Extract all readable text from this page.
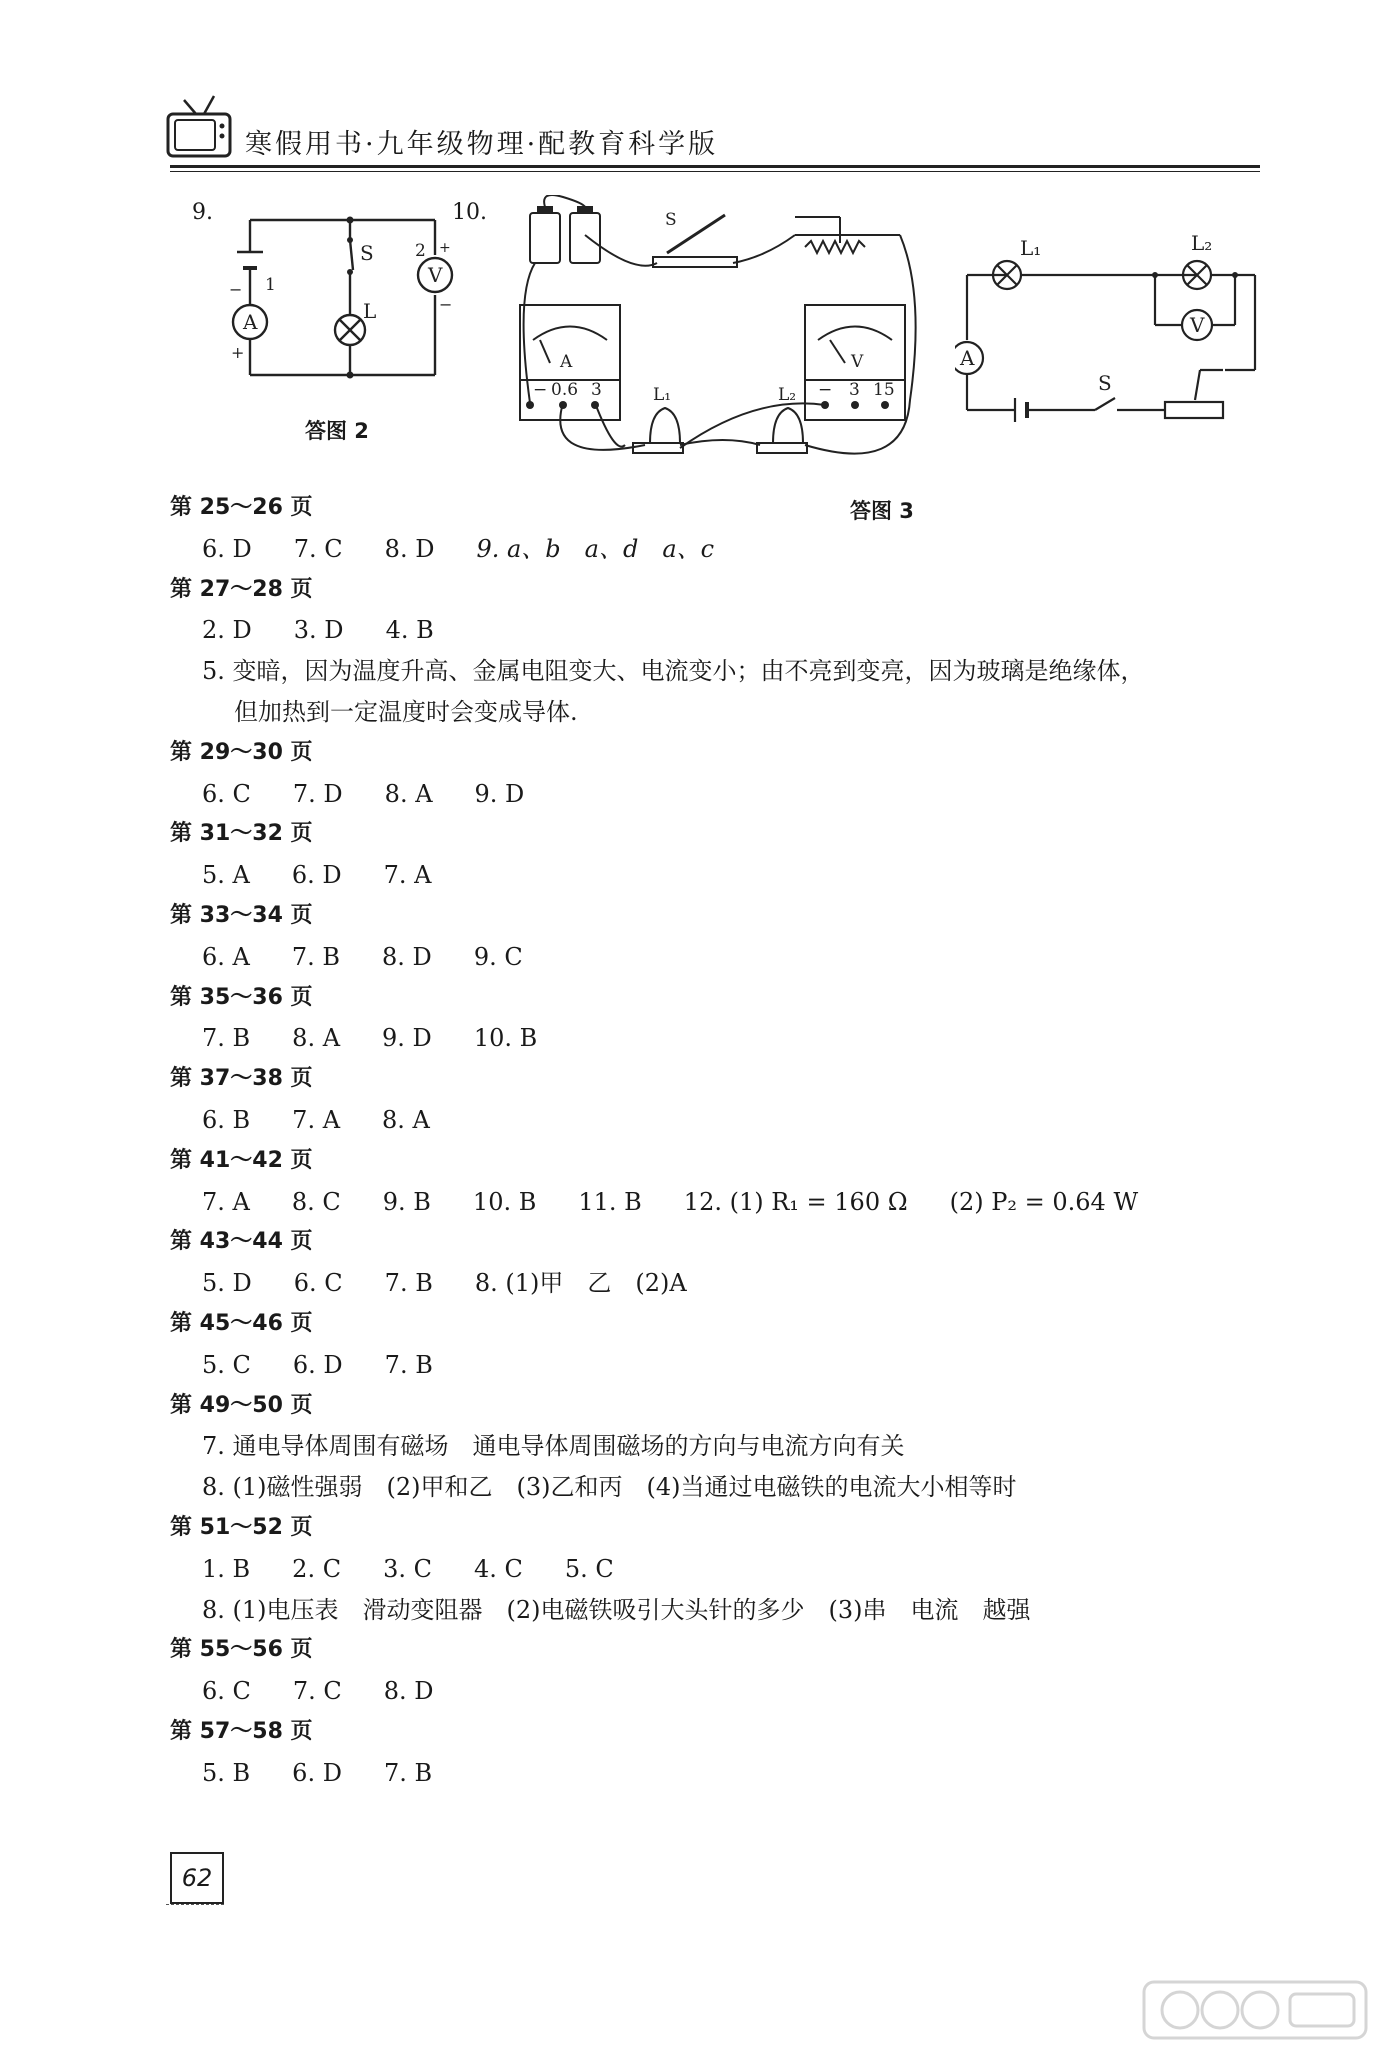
寒假用书·九年级物理·配教育科学版
9.
A
V
S
L
1
2
−
+
+
−
答图 2
10.	S
A	V
L₁	L₂
− 0.6 3	− 3 15
L₁	L₂
A
V
S
答图 3
第 25～26 页
6. D 7. C 8. D 9. a、b　a、d　a、c
第 27～28 页
2. D 3. D 4. B
5. 变暗，因为温度升高、金属电阻变大、电流变小；由不亮到变亮，因为玻璃是绝缘体，
但加热到一定温度时会变成导体.
第 29～30 页
6. C 7. D 8. A 9. D
第 31～32 页
5. A 6. D 7. A
第 33～34 页
6. A 7. B 8. D 9. C
第 35～36 页
7. B 8. A 9. D 10. B
第 37～38 页
6. B 7. A 8. A
第 41～42 页
7. A 8. C 9. B 10. B 11. B 12. (1) R₁ = 160 Ω (2) P₂ = 0.64 W
第 43～44 页
5. D 6. C 7. B 8. (1)甲　乙　(2)A
第 45～46 页
5. C 6. D 7. B
第 49～50 页
7. 通电导体周围有磁场　通电导体周围磁场的方向与电流方向有关
8. (1)磁性强弱　(2)甲和乙　(3)乙和丙　(4)当通过电磁铁的电流大小相等时
第 51～52 页
1. B 2. C 3. C 4. C 5. C
8. (1)电压表　滑动变阻器　(2)电磁铁吸引大头针的多少　(3)串　电流　越强
第 55～56 页
6. C 7. C 8. D
第 57～58 页
5. B 6. D 7. B
62
